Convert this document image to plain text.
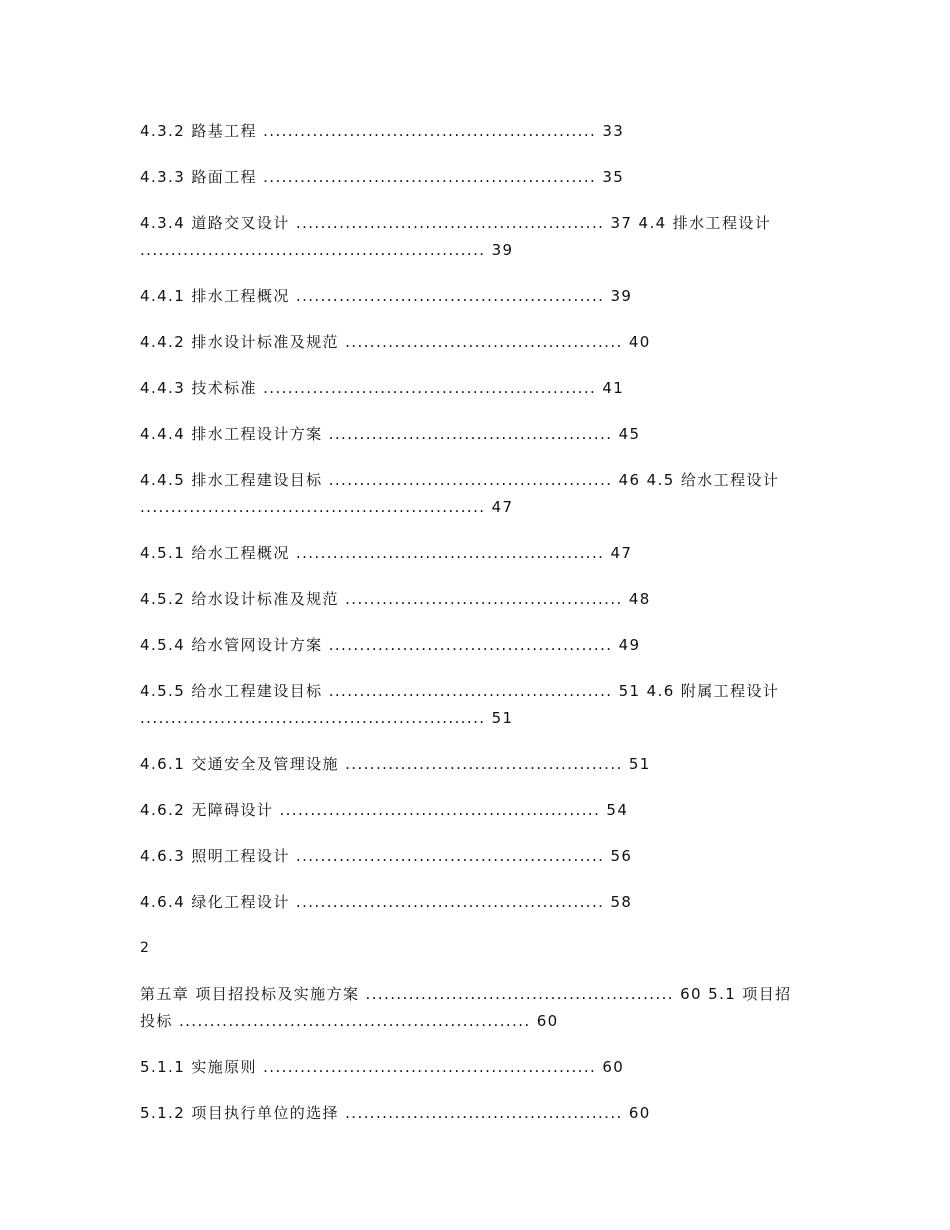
4.3.2 路基工程 ...................................................... 33

4.3.3 路面工程 ...................................................... 35

4.3.4 道路交叉设计 .................................................. 37 4.4 排水工程设计 ........................................................ 39

4.4.1 排水工程概况 .................................................. 39

4.4.2 排水设计标准及规范 ............................................. 40

4.4.3 技术标准 ...................................................... 41

4.4.4 排水工程设计方案 .............................................. 45

4.4.5 排水工程建设目标 .............................................. 46 4.5 给水工程设计 ........................................................ 47

4.5.1 给水工程概况 .................................................. 47

4.5.2 给水设计标准及规范 ............................................. 48

4.5.4 给水管网设计方案 .............................................. 49

4.5.5 给水工程建设目标 .............................................. 51 4.6 附属工程设计 ........................................................ 51

4.6.1 交通安全及管理设施 ............................................. 51

4.6.2 无障碍设计 .................................................... 54

4.6.3 照明工程设计 .................................................. 56

4.6.4 绿化工程设计 .................................................. 58

2

第五章 项目招投标及实施方案 .................................................. 60 5.1 项目招投标 ......................................................... 60

5.1.1 实施原则 ...................................................... 60

5.1.2 项目执行单位的选择 ............................................. 60
